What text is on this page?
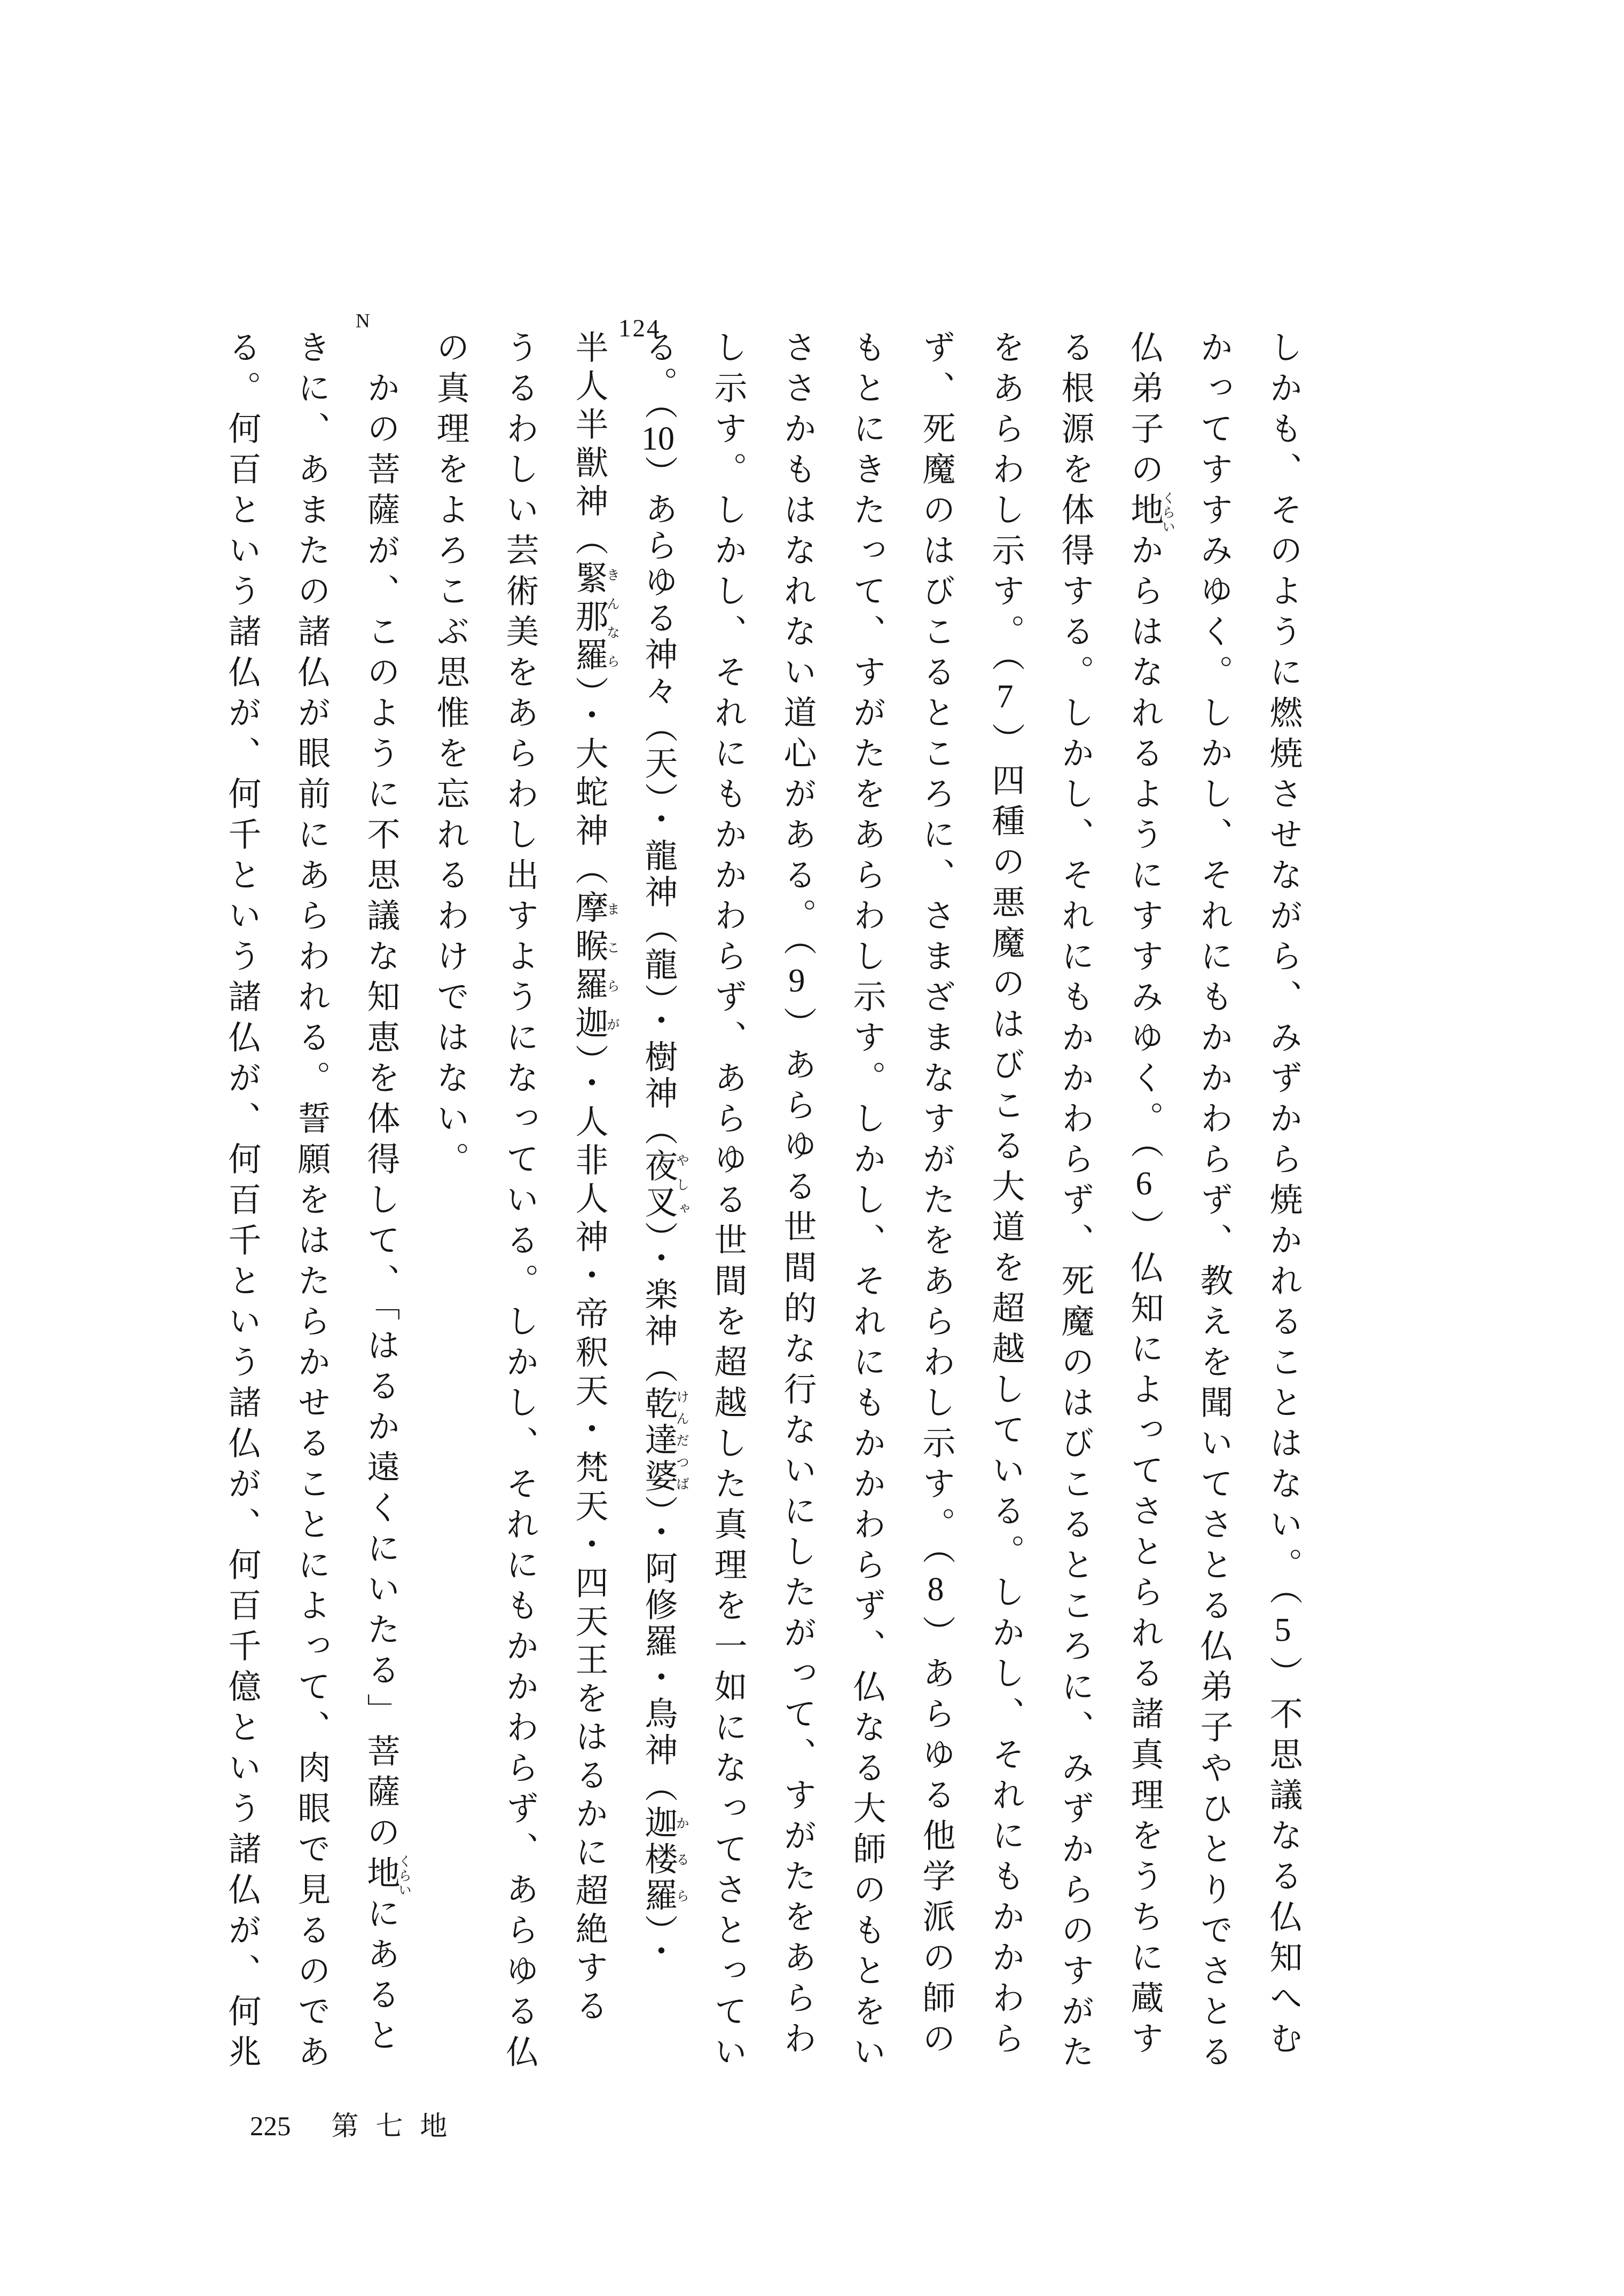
124
N

しかも、そのように燃焼させながら、みずから焼かれることはない。（5）不思議なる仏知へむ

かってすすみゆく。しかし、それにもかかわらず、教えを聞いてさとる仏弟子やひとりでさとる

仏弟子の地くらいからはなれるようにすすみゆく。（6）仏知によってさとられる諸真理をうちに蔵す

る根源を体得する。しかし、それにもかかわらず、死魔のはびこるところに、みずからのすがた

をあらわし示す。（7）四種の悪魔のはびこる大道を超越している。しかし、それにもかかわら

ず、死魔のはびこるところに、さまざまなすがたをあらわし示す。（8）あらゆる他学派の師の

もとにきたって、すがたをあらわし示す。しかし、それにもかかわらず、仏なる大師のもとをい

ささかもはなれない道心がある。（9）あらゆる世間的な行ないにしたがって、すがたをあらわ

し示す。しかし、それにもかかわらず、あらゆる世間を超越した真理を一如になってさとってい

る。（10）あらゆる神々（天）・龍神（龍）・樹神（夜叉やしゃ）・楽神（乾達婆けんだつば）・阿修羅・鳥神（迦楼羅かるら）・

半人半獣神（緊那羅きんなら）・大蛇神（摩睺羅迦まこらが）・人非人神・帝釈天・梵天・四天王をはるかに超絶する

うるわしい芸術美をあらわし出すようになっている。しかし、それにもかかわらず、あらゆる仏

の真理をよろこぶ思惟を忘れるわけではない。

　かの菩薩が、このように不思議な知恵を体得して、「はるか遠くにいたる」菩薩の地くらいにあると

きに、あまたの諸仏が眼前にあらわれる。誓願をはたらかせることによって、肉眼で見るのであ

る。何百という諸仏が、何千という諸仏が、何百千という諸仏が、何百千億という諸仏が、何兆

225 第七地
